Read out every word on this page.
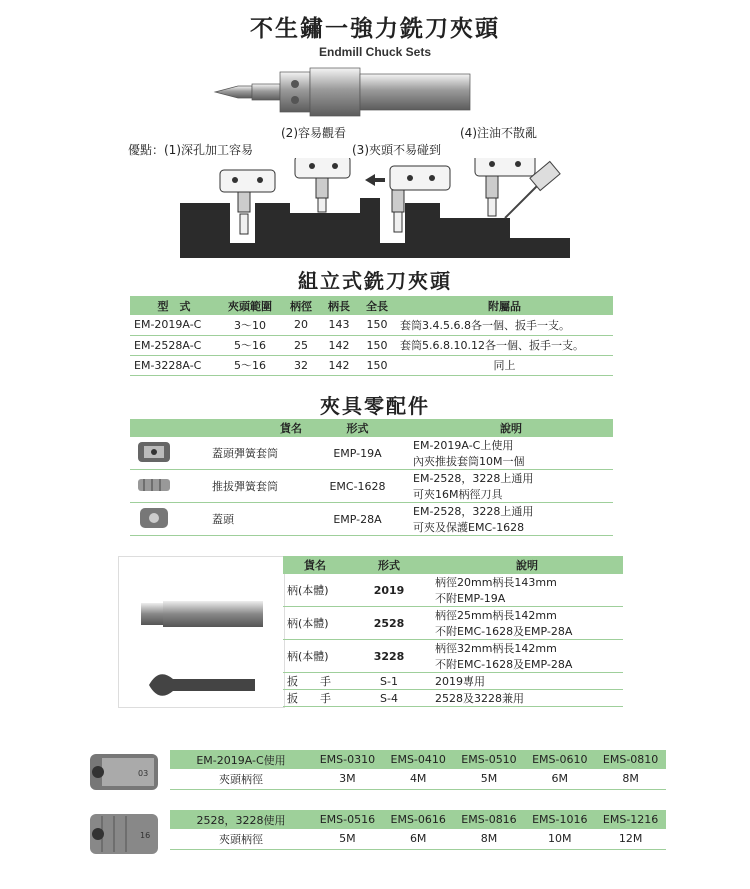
不生鏽一強力銑刀夾頭
Endmill Chuck Sets
優點：(1)深孔加工容易
(2)容易觀看
(3)夾頭不易碰到
(4)注油不散亂
組立式銑刀夾頭
型　式	夾頭範圍	柄徑	柄長	全長	附屬品
EM-2019A-C	3～10	20	143	150	套筒3.4.5.6.8各一個、扳手一支。
EM-2528A-C	5～16	25	142	150	套筒5.6.8.10.12各一個、扳手一支。
EM-3228A-C	5～16	32	142	150	同上
夾具零配件
	貨名	形式	說明
	蓋頭彈簧套筒	EMP-19A	EM-2019A-C上使用
內夾推拔套筒10M一個

	推拔彈簧套筒	EMC-1628	EM-2528，3228上通用
可夾16M柄徑刀具

	蓋頭	EMP-28A	EM-2528，3228上通用
可夾及保護EMC-1628
貨名	形式	說明
柄(本體)	2019	柄徑20mm柄長143mm
不附EMP-19A

柄(本體)	2528	柄徑25mm柄長142mm
不附EMC-1628及EMP-28A

柄(本體)	3228	柄徑32mm柄長142mm
不附EMC-1628及EMP-28A

扳　　手	S-1	2019專用
扳　　手	S-4	2528及3228兼用
03
EM-2019A-C使用	EMS-0310	EMS-0410	EMS-0510	EMS-0610	EMS-0810
夾頭柄徑	3M	4M	5M	6M	8M
16
2528，3228使用	EMS-0516	EMS-0616	EMS-0816	EMS-1016	EMS-1216
夾頭柄徑	5M	6M	8M	10M	12M
